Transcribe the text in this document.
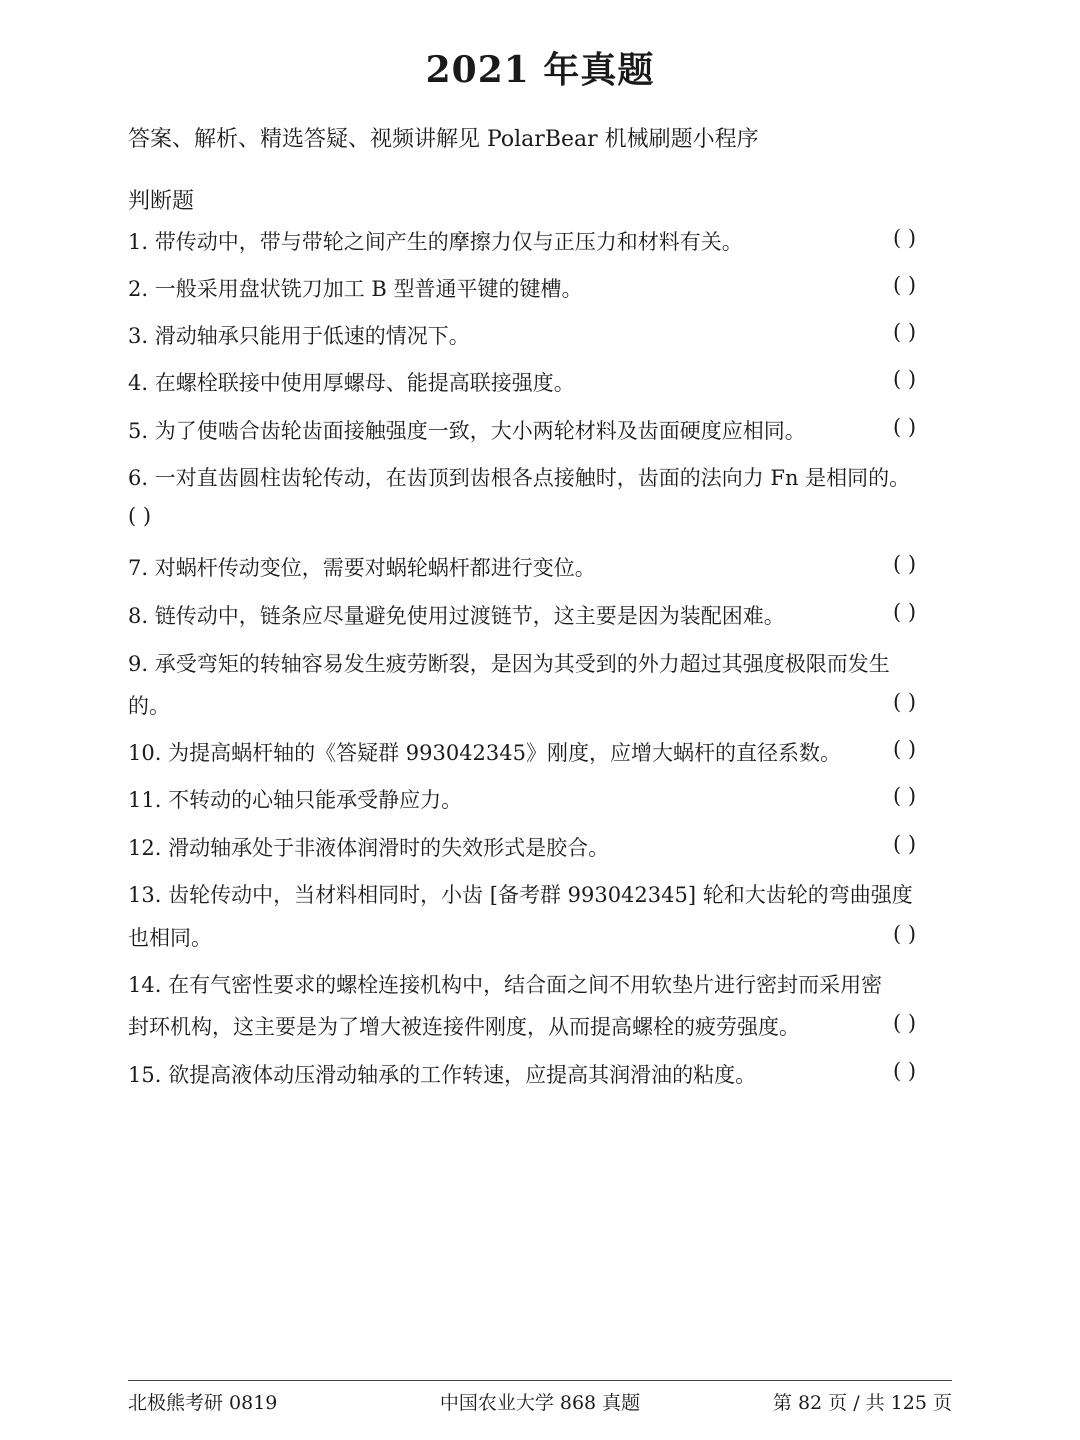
2021 年真题
答案、解析、精选答疑、视频讲解见 PolarBear 机械刷题小程序
判断题
1. 带传动中，带与带轮之间产生的摩擦力仅与正压力和材料有关。	( )
2. 一般采用盘状铣刀加工 B 型普通平键的键槽。	( )
3. 滑动轴承只能用于低速的情况下。	( )
4. 在螺栓联接中使用厚螺母、能提高联接强度。	( )
5. 为了使啮合齿轮齿面接触强度一致，大小两轮材料及齿面硬度应相同。	( )
6. 一对直齿圆柱齿轮传动，在齿顶到齿根各点接触时，齿面的法向力 Fn 是相同的。
( )
7. 对蜗杆传动变位，需要对蜗轮蜗杆都进行变位。	( )
8. 链传动中，链条应尽量避免使用过渡链节，这主要是因为装配困难。	( )
9. 承受弯矩的转轴容易发生疲劳断裂，是因为其受到的外力超过其强度极限而发生
的。	( )
10. 为提高蜗杆轴的《答疑群 993042345》刚度，应增大蜗杆的直径系数。 ( )
11. 不转动的心轴只能承受静应力。	( )
12. 滑动轴承处于非液体润滑时的失效形式是胶合。	( )
13. 齿轮传动中，当材料相同时，小齿 [备考群 993042345] 轮和大齿轮的弯曲强度
也相同。	( )
14. 在有气密性要求的螺栓连接机构中，结合面之间不用软垫片进行密封而采用密
封环机构，这主要是为了增大被连接件刚度，从而提高螺栓的疲劳强度。	( )
15. 欲提高液体动压滑动轴承的工作转速，应提高其润滑油的粘度。	( )
北极熊考研 0819	中国农业大学 868 真题	第 82 页 / 共 125 页
